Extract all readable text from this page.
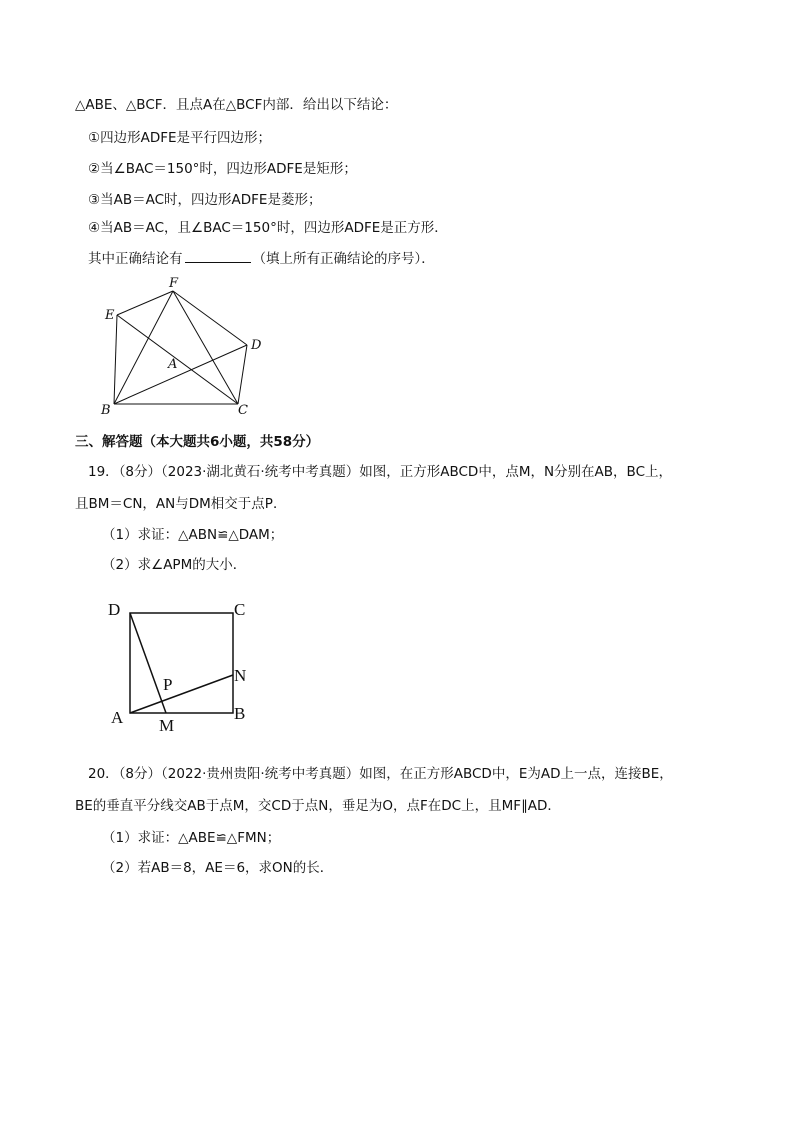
△ABE、△BCF．且点A在△BCF内部．给出以下结论：
①四边形ADFE是平行四边形；
②当∠BAC＝150°时，四边形ADFE是矩形；
③当AB＝AC时，四边形ADFE是菱形；
④当AB＝AC，且∠BAC＝150°时，四边形ADFE是正方形．
其中正确结论有	（填上所有正确结论的序号）．
F
E
D
A
B	C
三、解答题（本大题共6小题，共58分）
19．（8分）（2023·湖北黄石·统考中考真题）如图，正方形ABCD中，点M，N分别在AB，BC上，
且BM＝CN，AN与DM相交于点P．
（1）求证：△ABN≌△DAM；
（2）求∠APM的大小．
D	C
N
P
A M
B
20．（8分）（2022·贵州贵阳·统考中考真题）如图，在正方形ABCD中，E为AD上一点，连接BE，
BE的垂直平分线交AB于点M，交CD于点N，垂足为O，点F在DC上，且MF∥AD．
（1）求证：△ABE≌△FMN；
（2）若AB＝8，AE＝6，求ON的长．
